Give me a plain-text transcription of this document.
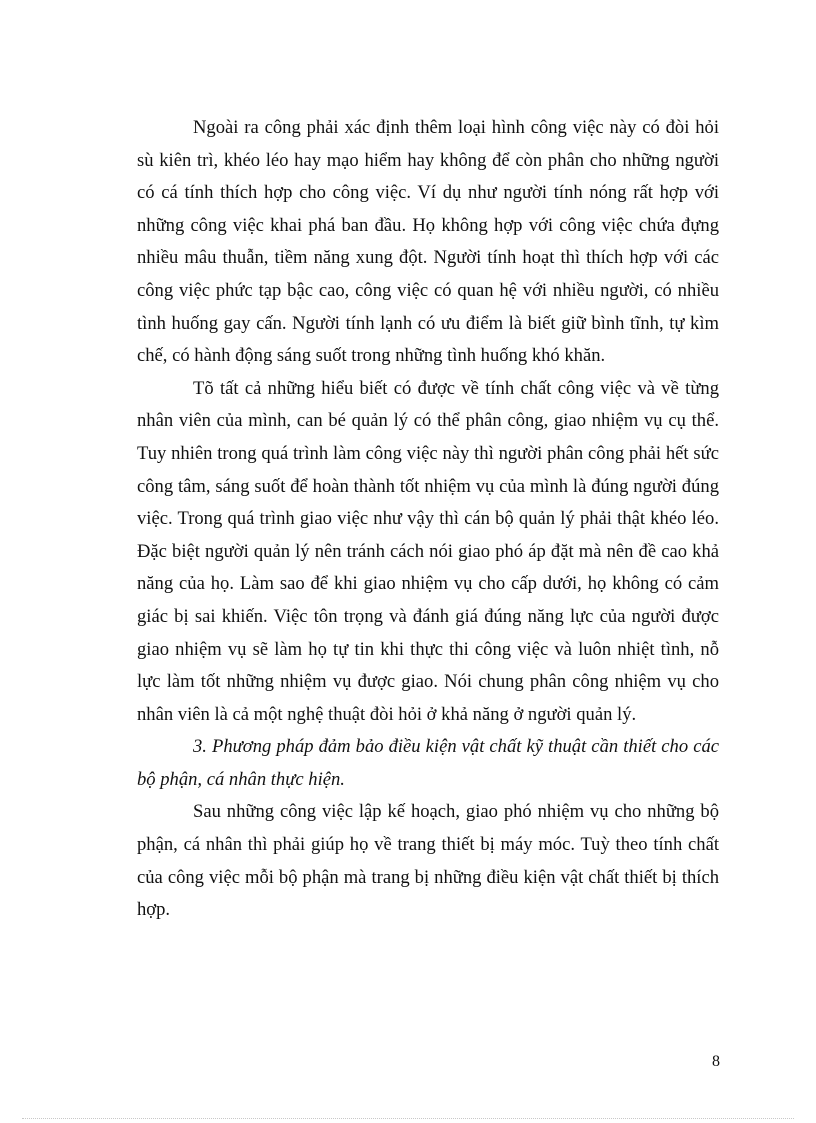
Ngoài ra công phải xác định thêm loại hình công việc này có đòi hỏi sù kiên trì, khéo léo hay mạo hiểm hay không để còn phân cho những người có cá tính thích hợp cho công việc. Ví dụ như người tính nóng rất hợp với những công việc khai phá ban đầu. Họ không hợp với công việc chứa đựng nhiều mâu thuẫn, tiềm năng xung đột. Người tính hoạt thì thích hợp với các công việc phức tạp bậc cao, công việc có quan hệ với nhiều người, có nhiều tình huống gay cấn. Người tính lạnh có ưu điểm là biết giữ bình tĩnh, tự kìm chế, có hành động sáng suốt trong những tình huống khó khăn.

Tõ tất cả những hiểu biết có được về tính chất công việc và về từng nhân viên của mình, can bé quản lý có thể phân công, giao nhiệm vụ cụ thể. Tuy nhiên trong quá trình làm công việc này thì người phân công phải hết sức công tâm, sáng suốt để hoàn thành tốt nhiệm vụ của mình là đúng người đúng việc. Trong quá trình giao việc như vậy thì cán bộ quản lý phải thật khéo léo. Đặc biệt người quản lý nên tránh cách nói giao phó áp đặt mà nên đề cao khả năng của họ. Làm sao để khi giao nhiệm vụ cho cấp dưới, họ không có cảm giác bị sai khiến. Việc tôn trọng và đánh giá đúng năng lực của người được giao nhiệm vụ sẽ làm họ tự tin khi thực thi công việc và luôn nhiệt tình, nỗ lực làm tốt những nhiệm vụ được giao. Nói chung phân công nhiệm vụ cho nhân viên là cả một nghệ thuật đòi hỏi ở khả năng ở người quản lý.

3. Phương pháp đảm bảo điều kiện vật chất kỹ thuật cần thiết cho các bộ phận, cá nhân thực hiện.

Sau những công việc lập kế hoạch, giao phó nhiệm vụ cho những bộ phận, cá nhân thì phải giúp họ về trang thiết bị máy móc. Tuỳ theo tính chất của công việc mỗi bộ phận mà trang bị những điều kiện vật chất thiết bị thích hợp.

8
